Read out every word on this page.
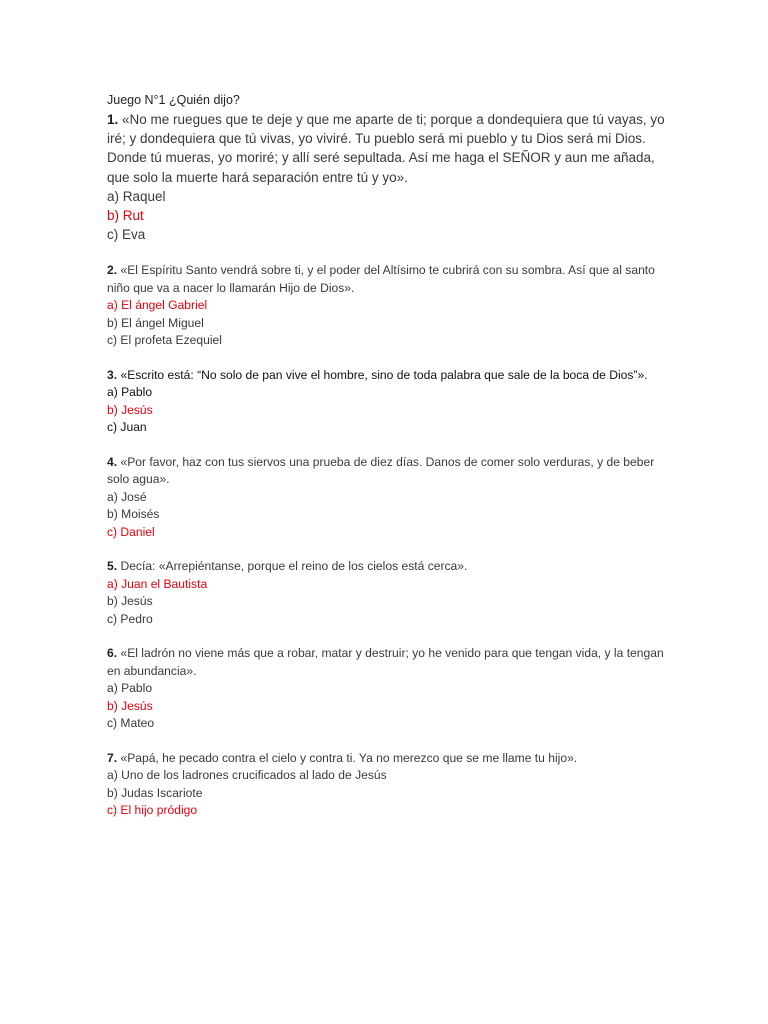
Juego N°1 ¿Quién dijo?

1. «No me ruegues que te deje y que me aparte de ti; porque a dondequiera que tú vayas, yo iré; y dondequiera que tú vivas, yo viviré. Tu pueblo será mi pueblo y tu Dios será mi Dios. Donde tú mueras, yo moriré; y allí seré sepultada. Así me haga el SEÑOR y aun me añada, que solo la muerte hará separación entre tú y yo».

a) Raquel
b) Rut
c) Eva

2. «El Espíritu Santo vendrá sobre ti, y el poder del Altísimo te cubrirá con su sombra. Así que al santo niño que va a nacer lo llamarán Hijo de Dios».

a) El ángel Gabriel
b) El ángel Miguel
c) El profeta Ezequiel

3. «Escrito está: “No solo de pan vive el hombre, sino de toda palabra que sale de la boca de Dios”».

a) Pablo
b) Jesús
c) Juan

4. «Por favor, haz con tus siervos una prueba de diez días. Danos de comer solo verduras, y de beber solo agua».

a) José
b) Moisés
c) Daniel

5. Decía: «Arrepiéntanse, porque el reino de los cielos está cerca».

a) Juan el Bautista
b) Jesús
c) Pedro

6. «El ladrón no viene más que a robar, matar y destruir; yo he venido para que tengan vida, y la tengan en abundancia».

a) Pablo
b) Jesús
c) Mateo

7. «Papá, he pecado contra el cielo y contra ti. Ya no merezco que se me llame tu hijo».

a) Uno de los ladrones crucificados al lado de Jesús
b) Judas Iscariote
c) El hijo pródigo
